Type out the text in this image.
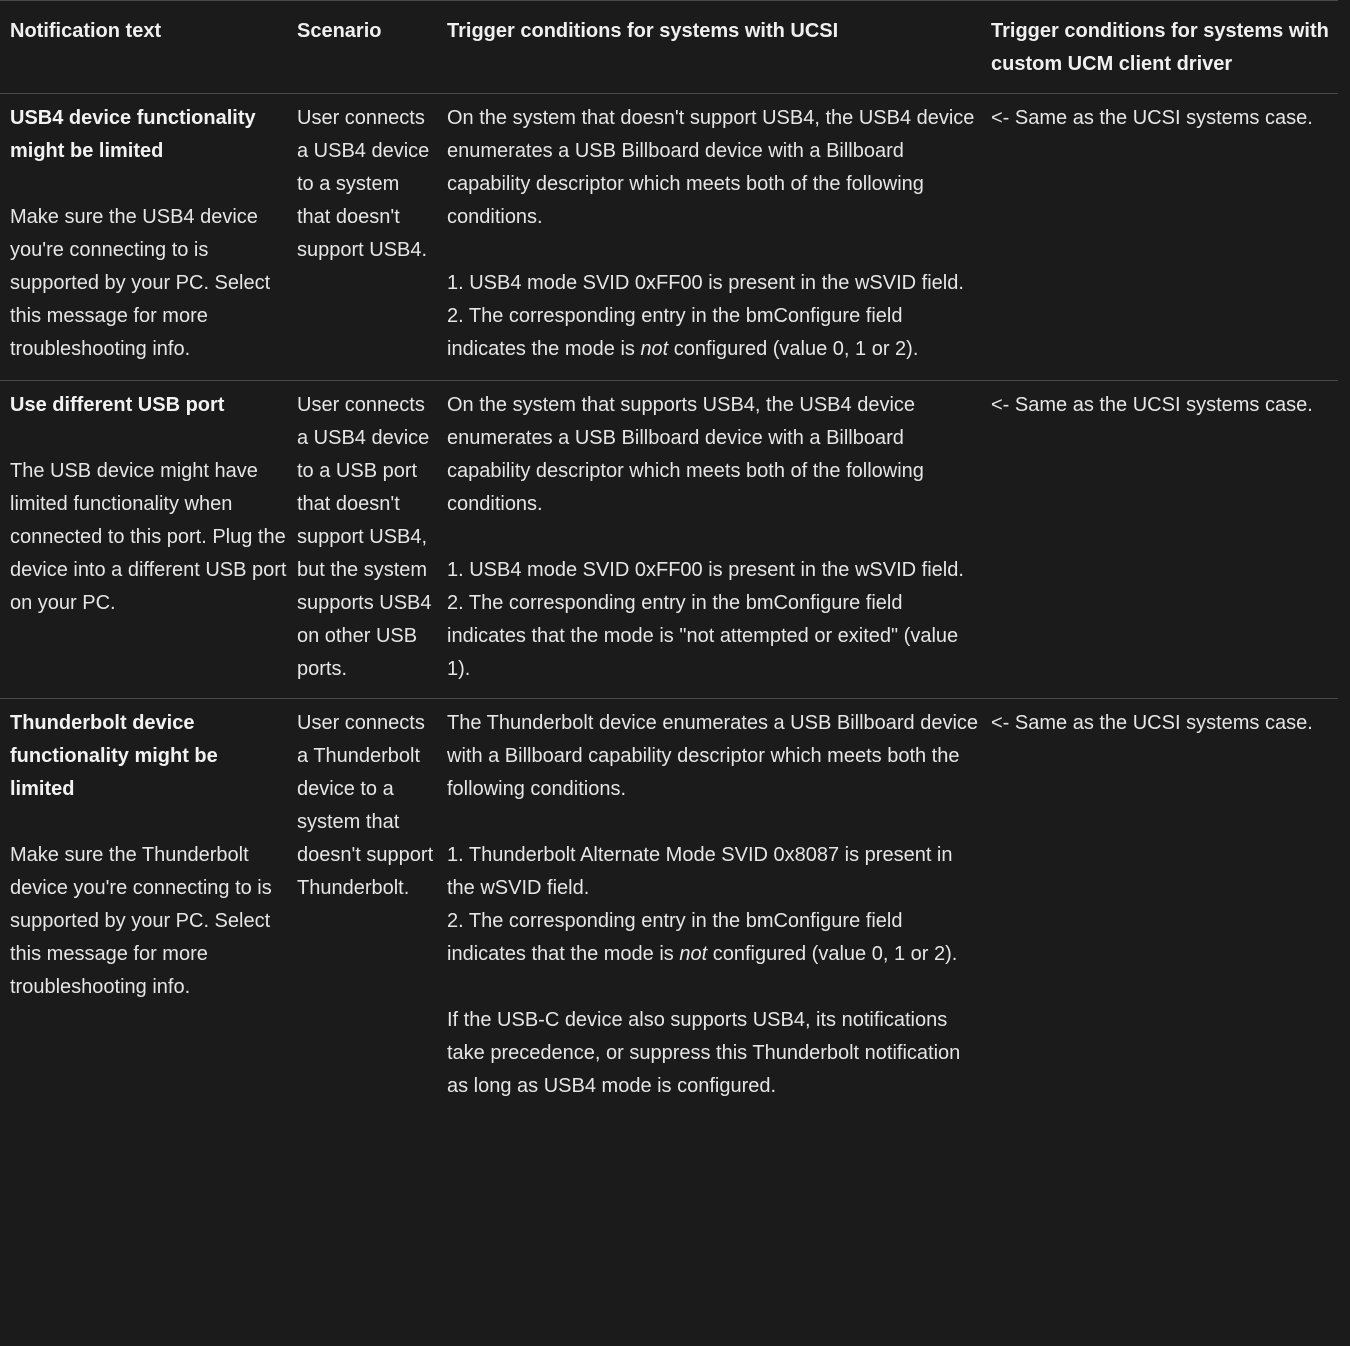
Notification text	Scenario	Trigger conditions for systems with UCSI	Trigger conditions for systems with custom UCM client driver

USB4 device functionality might be limited
Make sure the USB4 device you're connecting to is supported by your PC. Select this message for more troubleshooting info.	User connects a USB4 device to a system that doesn't support USB4.	On the system that doesn't support USB4, the USB4 device enumerates a USB Billboard device with a Billboard capability descriptor which meets both of the following conditions.
1. USB4 mode SVID 0xFF00 is present in the wSVID field.
2. The corresponding entry in the bmConfigure field indicates the mode is not configured (value 0, 1 or 2).	<- Same as the UCSI systems case.

Use different USB port
The USB device might have limited functionality when connected to this port. Plug the device into a different USB port on your PC.	User connects a USB4 device to a USB port that doesn't support USB4, but the system supports USB4 on other USB ports.	On the system that supports USB4, the USB4 device enumerates a USB Billboard device with a Billboard capability descriptor which meets both of the following conditions.
1. USB4 mode SVID 0xFF00 is present in the wSVID field.
2. The corresponding entry in the bmConfigure field indicates that the mode is "not attempted or exited" (value 1).	<- Same as the UCSI systems case.

Thunderbolt device functionality might be limited
Make sure the Thunderbolt device you're connecting to is supported by your PC. Select this message for more troubleshooting info.	User connects a Thunderbolt device to a system that doesn't support Thunderbolt.	The Thunderbolt device enumerates a USB Billboard device with a Billboard capability descriptor which meets both the following conditions.
1. Thunderbolt Alternate Mode SVID 0x8087 is present in the wSVID field.
2. The corresponding entry in the bmConfigure field indicates that the mode is not configured (value 0, 1 or 2).
If the USB-C device also supports USB4, its notifications take precedence, or suppress this Thunderbolt notification as long as USB4 mode is configured.	<- Same as the UCSI systems case.
